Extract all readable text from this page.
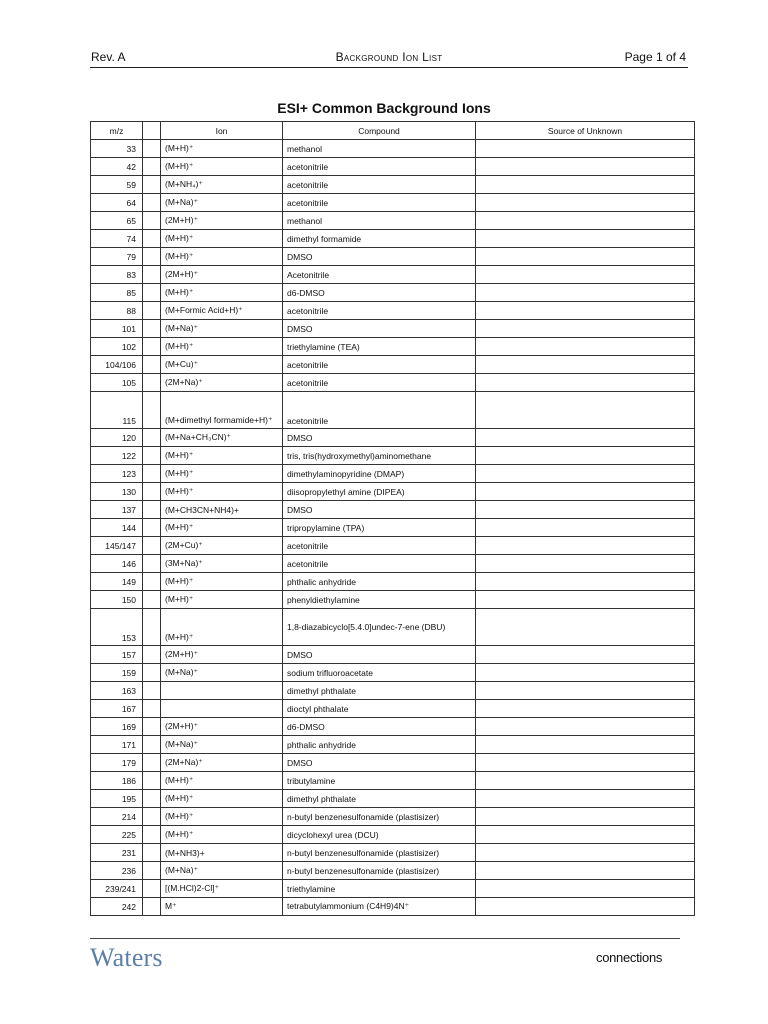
Rev. A	Background Ion List	Page 1 of 4
ESI+ Common Background Ions
m/z		Ion	Compound	Source of Unknown
33		(M+H)⁺	methanol	
42		(M+H)⁺	acetonitrile	
59		(M+NH₄)⁺	acetonitrile	
64		(M+Na)⁺	acetonitrile	
65		(2M+H)⁺	methanol	
74		(M+H)⁺	dimethyl formamide	
79		(M+H)⁺	DMSO	
83		(2M+H)⁺	Acetonitrile	
85		(M+H)⁺	d6-DMSO	
88		(M+Formic Acid+H)⁺	acetonitrile	
101		(M+Na)⁺	DMSO	
102		(M+H)⁺	triethylamine (TEA)	
104/106		(M+Cu)⁺	acetonitrile	
105		(2M+Na)⁺	acetonitrile	
115		(M+dimethyl formamide+H)⁺	acetonitrile	
120		(M+Na+CH₃CN)⁺	DMSO	
122		(M+H)⁺	tris, tris(hydroxymethyl)aminomethane	
123		(M+H)⁺	dimethylaminopyridine (DMAP)	
130		(M+H)⁺	diisopropylethyl amine (DIPEA)	
137		(M+CH3CN+NH4)+	DMSO	
144		(M+H)⁺	tripropylamine (TPA)	
145/147		(2M+Cu)⁺	acetonitrile	
146		(3M+Na)⁺	acetonitrile	
149		(M+H)⁺	phthalic anhydride	
150		(M+H)⁺	phenyldiethylamine	
153		(M+H)⁺	1,8-diazabicyclo[5.4.0]undec-7-ene (DBU)	
157		(2M+H)⁺	DMSO	
159		(M+Na)⁺	sodium trifluoroacetate	
163			dimethyl phthalate	
167			dioctyl phthalate	
169		(2M+H)⁺	d6-DMSO	
171		(M+Na)⁺	phthalic anhydride	
179		(2M+Na)⁺	DMSO	
186		(M+H)⁺	tributylamine	
195		(M+H)⁺	dimethyl phthalate	
214		(M+H)⁺	n-butyl benzenesulfonamide (plastisizer)	
225		(M+H)⁺	dicyclohexyl urea (DCU)	
231		(M+NH3)+	n-butyl benzenesulfonamide (plastisizer)	
236		(M+Na)⁺	n-butyl benzenesulfonamide (plastisizer)	
239/241		[(M.HCl)2-Cl]⁺	triethylamine	
242		M⁺	tetrabutylammonium (C4H9)4N⁺	
Waters	connections
